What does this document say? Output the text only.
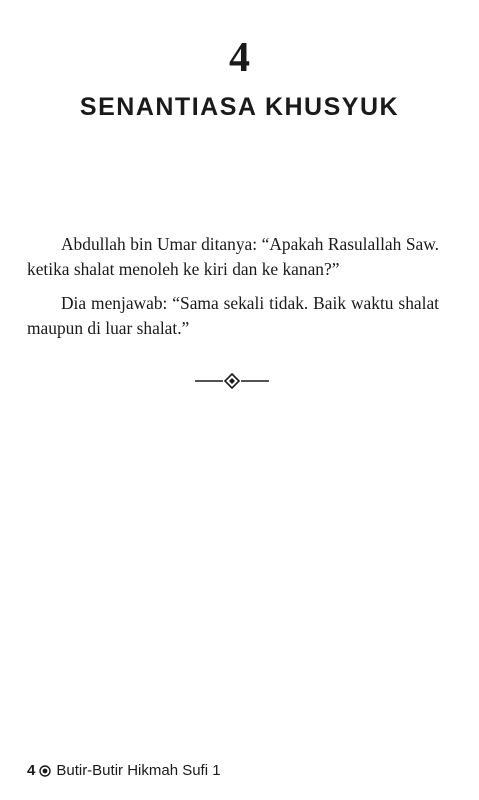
4
SENANTIASA KHUSYUK

Abdullah bin Umar ditanya: “Apakah Rasulallah Saw. ketika shalat menoleh ke kiri dan ke kanan?”

Dia menjawab: “Sama sekali tidak. Baik waktu shalat maupun di luar shalat.”

4 Butir-Butir Hikmah Sufi 1
